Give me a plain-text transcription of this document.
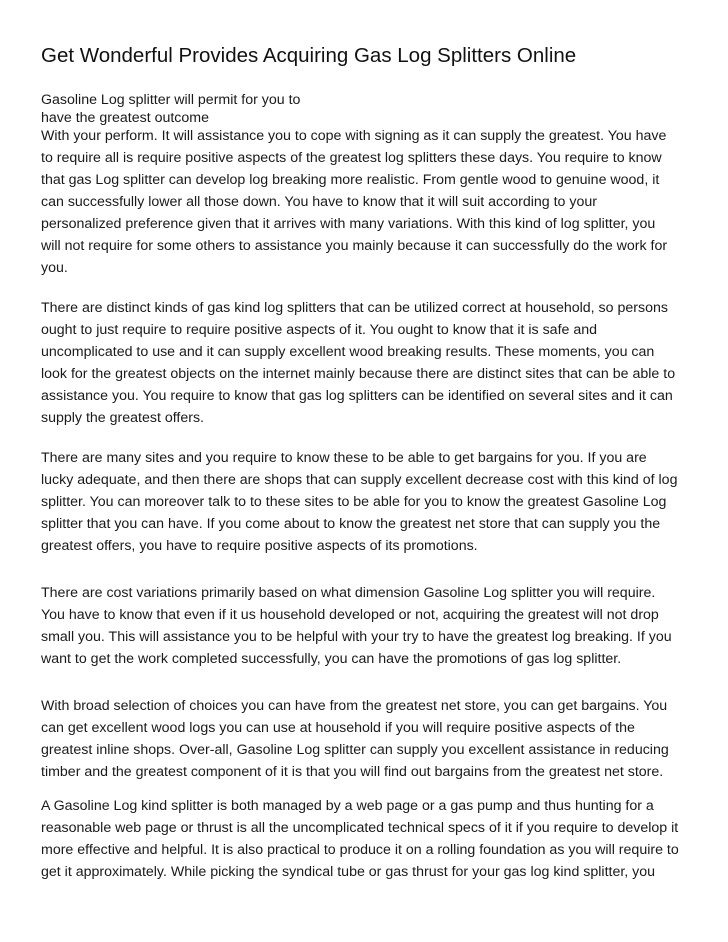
Get Wonderful Provides Acquiring Gas Log Splitters Online

Gasoline Log splitter will permit for you to

have the greatest outcome

With your perform. It will assistance you to cope with signing as it can supply the greatest. You have

to require all is require positive aspects of the greatest log splitters these days. You require to know

that gas Log splitter can develop log breaking more realistic. From gentle wood to genuine wood, it

can successfully lower all those down. You have to know that it will suit according to your

personalized preference given that it arrives with many variations. With this kind of log splitter, you

will not require for some others to assistance you mainly because it can successfully do the work for

you.

There are distinct kinds of gas kind log splitters that can be utilized correct at household, so persons

ought to just require to require positive aspects of it. You ought to know that it is safe and

uncomplicated to use and it can supply excellent wood breaking results. These moments, you can

look for the greatest objects on the internet mainly because there are distinct sites that can be able to

assistance you. You require to know that gas log splitters can be identified on several sites and it can

supply the greatest offers.

There are many sites and you require to know these to be able to get bargains for you. If you are

lucky adequate, and then there are shops that can supply excellent decrease cost with this kind of log

splitter. You can moreover talk to to these sites to be able for you to know the greatest Gasoline Log

splitter that you can have. If you come about to know the greatest net store that can supply you the

greatest offers, you have to require positive aspects of its promotions.

There are cost variations primarily based on what dimension Gasoline Log splitter you will require.

You have to know that even if it us household developed or not, acquiring the greatest will not drop

small you. This will assistance you to be helpful with your try to have the greatest log breaking. If you

want to get the work completed successfully, you can have the promotions of gas log splitter.

With broad selection of choices you can have from the greatest net store, you can get bargains. You

can get excellent wood logs you can use at household if you will require positive aspects of the

greatest inline shops. Over-all, Gasoline Log splitter can supply you excellent assistance in reducing

timber and the greatest component of it is that you will find out bargains from the greatest net store.

A Gasoline Log kind splitter is both managed by a web page or a gas pump and thus hunting for a

reasonable web page or thrust is all the uncomplicated technical specs of it if you require to develop it

more effective and helpful. It is also practical to produce it on a rolling foundation as you will require to

get it approximately. While picking the syndical tube or gas thrust for your gas log kind splitter, you
